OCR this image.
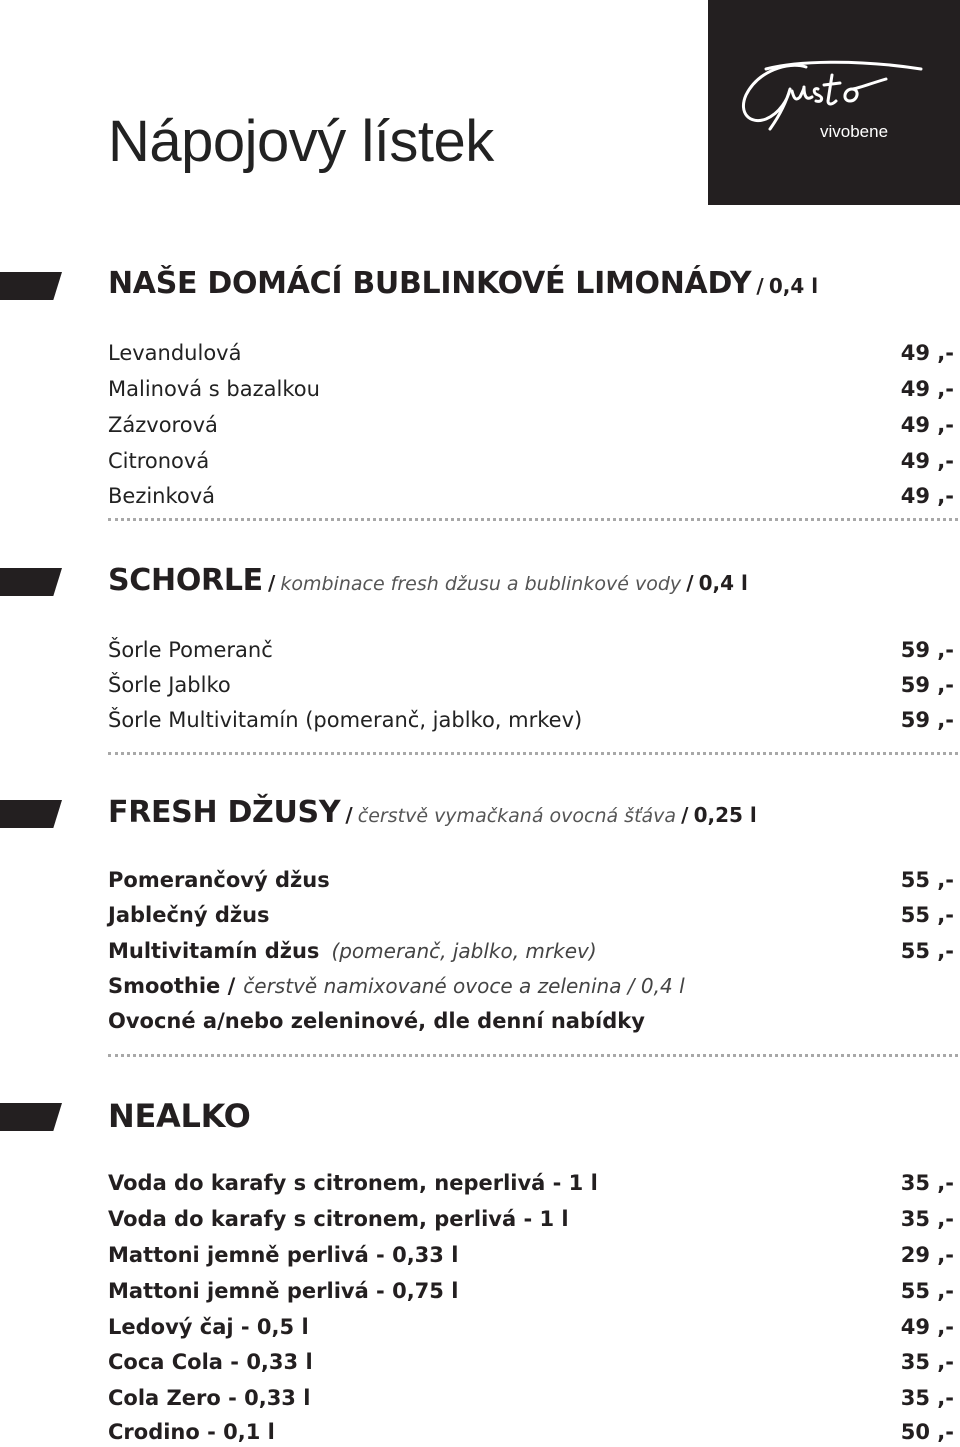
Nápojový lístek	vivobene
NAŠE DOMÁCÍ BUBLINKOVÉ LIMONÁDY / 0,4 l
Levandulová	49 ,-
Malinová s bazalkou	49 ,-
Zázvorová	49 ,-
Citronová	49 ,-
Bezinková	49 ,-
SCHORLE / kombinace fresh džusu a bublinkové vody / 0,4 l
Šorle Pomeranč	59 ,-
Šorle Jablko	59 ,-
Šorle Multivitamín (pomeranč, jablko, mrkev)	59 ,-
FRESH DŽUSY / čerstvě vymačkaná ovocná šťáva / 0,25 l
Pomerančový džus	55 ,-
Jablečný džus	55 ,-
Multivitamín džus (pomeranč, jablko, mrkev)	55 ,-
Smoothie / čerstvě namixované ovoce a zelenina / 0,4 l
Ovocné a/nebo zeleninové, dle denní nabídky
NEALKO
Voda do karafy s citronem, neperlivá - 1 l	35 ,-
Voda do karafy s citronem, perlivá - 1 l	35 ,-
Mattoni jemně perlivá - 0,33 l	29 ,-
Mattoni jemně perlivá - 0,75 l	55 ,-
Ledový čaj - 0,5 l	49 ,-
Coca Cola - 0,33 l	35 ,-
Cola Zero - 0,33 l	35 ,-
Crodino - 0,1 l	50 ,-
